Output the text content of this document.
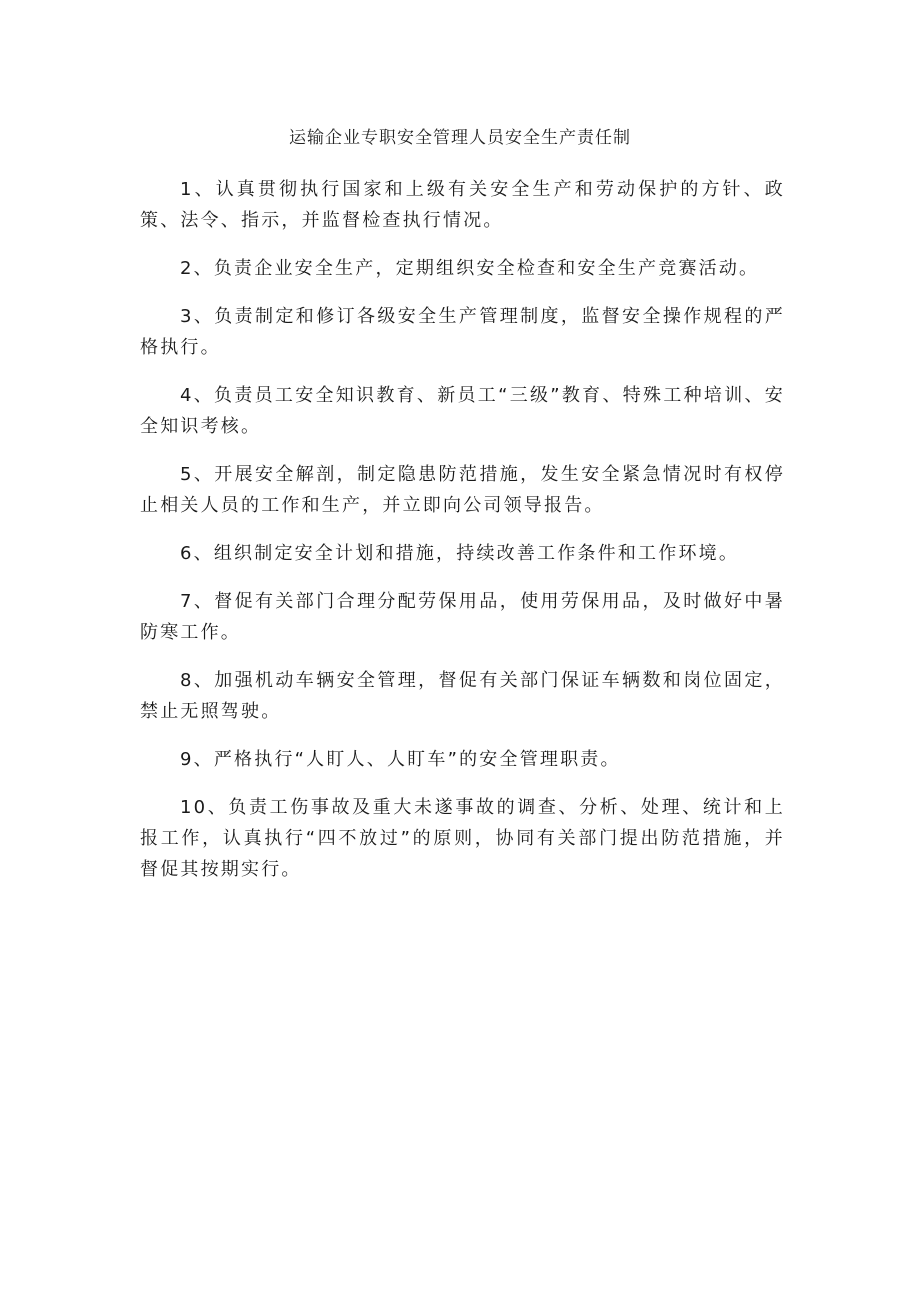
运输企业专职安全管理人员安全生产责任制

1、认真贯彻执行国家和上级有关安全生产和劳动保护的方针、政策、法令、指示，并监督检查执行情况。

2、负责企业安全生产，定期组织安全检查和安全生产竞赛活动。

3、负责制定和修订各级安全生产管理制度，监督安全操作规程的严格执行。

4、负责员工安全知识教育、新员工“三级”教育、特殊工种培训、安全知识考核。

5、开展安全解剖，制定隐患防范措施，发生安全紧急情况时有权停止相关人员的工作和生产，并立即向公司领导报告。

6、组织制定安全计划和措施，持续改善工作条件和工作环境。

7、督促有关部门合理分配劳保用品，使用劳保用品，及时做好中暑防寒工作。

8、加强机动车辆安全管理，督促有关部门保证车辆数和岗位固定，禁止无照驾驶。

9、严格执行“人盯人、人盯车”的安全管理职责。

10、负责工伤事故及重大未遂事故的调查、分析、处理、统计和上报工作，认真执行“四不放过”的原则，协同有关部门提出防范措施，并督促其按期实行。
